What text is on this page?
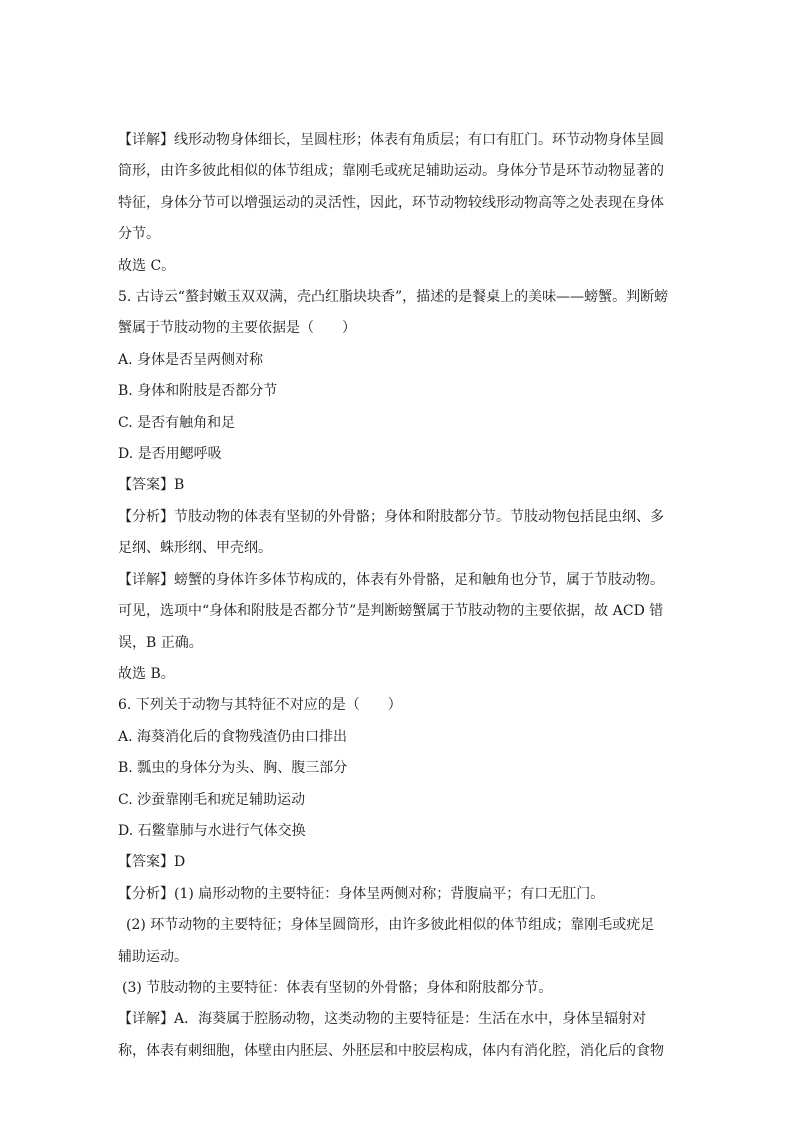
【详解】线形动物身体细长，呈圆柱形；体表有角质层；有口有肛门。环节动物身体呈圆

筒形，由许多彼此相似的体节组成；靠刚毛或疣足辅助运动。身体分节是环节动物显著的

特征，身体分节可以增强运动的灵活性，因此，环节动物较线形动物高等之处表现在身体

分节。

故选 C。

5. 古诗云“螯封嫩玉双双满，壳凸红脂块块香”，描述的是餐桌上的美味——螃蟹。判断螃

蟹属于节肢动物的主要依据是（　　）

A. 身体是否呈两侧对称

B. 身体和附肢是否都分节

C. 是否有触角和足

D. 是否用鳃呼吸

【答案】B

【分析】节肢动物的体表有坚韧的外骨骼；身体和附肢都分节。节肢动物包括昆虫纲、多

足纲、蛛形纲、甲壳纲。

【详解】螃蟹的身体许多体节构成的，体表有外骨骼，足和触角也分节，属于节肢动物。

可见，选项中“身体和附肢是否都分节”是判断螃蟹属于节肢动物的主要依据，故 ACD 错

误，B 正确。

故选 B。

6. 下列关于动物与其特征不对应的是（　　）

A. 海葵消化后的食物残渣仍由口排出

B. 瓢虫的身体分为头、胸、腹三部分

C. 沙蚕靠刚毛和疣足辅助运动

D. 石鳖靠肺与水进行气体交换

【答案】D

【分析】(1) 扁形动物的主要特征：身体呈两侧对称；背腹扁平；有口无肛门。

(2) 环节动物的主要特征；身体呈圆筒形，由许多彼此相似的体节组成；靠刚毛或疣足

辅助运动。

(3) 节肢动物的主要特征：体表有坚韧的外骨骼；身体和附肢都分节。

【详解】A．海葵属于腔肠动物，这类动物的主要特征是：生活在水中，身体呈辐射对

称，体表有刺细胞，体壁由内胚层、外胚层和中胶层构成，体内有消化腔，消化后的食物
